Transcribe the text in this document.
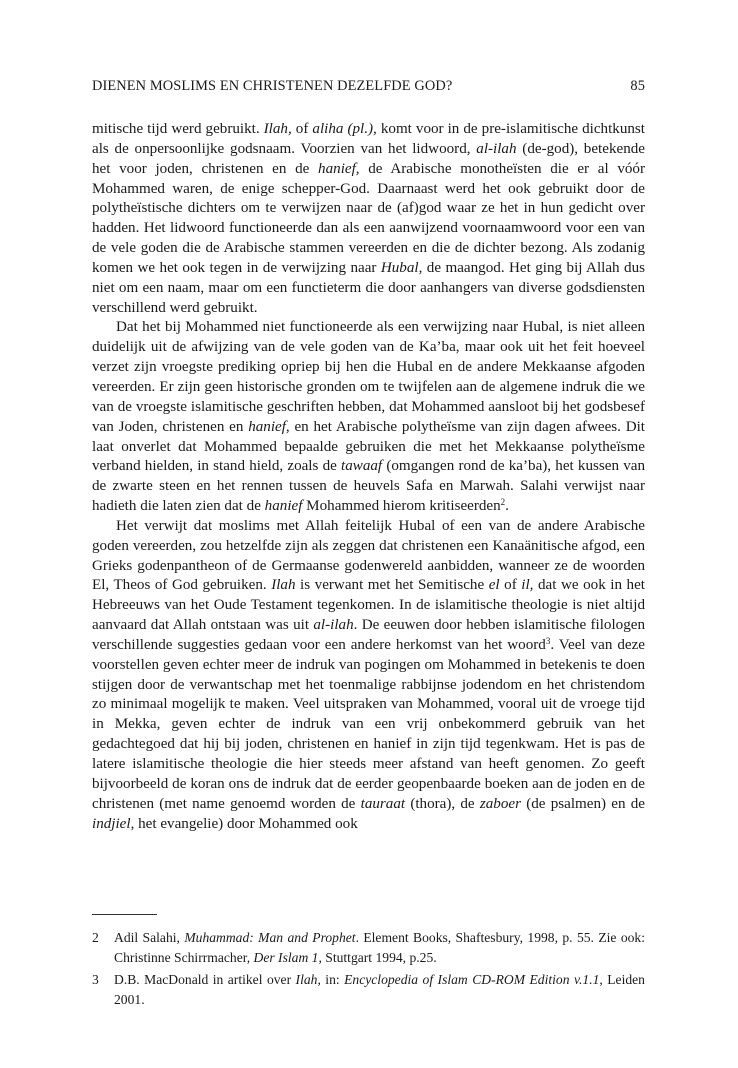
DIENEN MOSLIMS EN CHRISTENEN DEZELFDE GOD?	85

mitische tijd werd gebruikt. Ilah, of aliha (pl.), komt voor in de pre-islamitische dichtkunst als de onpersoonlijke godsnaam. Voorzien van het lidwoord, al-ilah (de-god), betekende het voor joden, christenen en de hanief, de Arabische monotheïsten die er al vóór Mohammed waren, de enige schepper-God. Daarnaast werd het ook gebruikt door de polytheïstische dichters om te verwijzen naar de (af)god waar ze het in hun gedicht over hadden. Het lidwoord functioneerde dan als een aanwijzend voornaamwoord voor een van de vele goden die de Arabische stammen vereerden en die de dichter bezong. Als zodanig komen we het ook tegen in de verwijzing naar Hubal, de maangod. Het ging bij Allah dus niet om een naam, maar om een functieterm die door aanhangers van diverse godsdiensten verschillend werd gebruikt.

Dat het bij Mohammed niet functioneerde als een verwijzing naar Hubal, is niet alleen duidelijk uit de afwijzing van de vele goden van de Ka’ba, maar ook uit het feit hoeveel verzet zijn vroegste prediking opriep bij hen die Hubal en de andere Mekkaanse afgoden vereerden. Er zijn geen historische gronden om te twijfelen aan de algemene indruk die we van de vroegste islamitische geschriften hebben, dat Mohammed aansloot bij het godsbesef van Joden, christenen en hanief, en het Arabische polytheïsme van zijn dagen afwees. Dit laat onverlet dat Mohammed bepaalde gebruiken die met het Mekkaanse polytheïsme verband hielden, in stand hield, zoals de tawaaf (omgangen rond de ka’ba), het kussen van de zwarte steen en het rennen tussen de heuvels Safa en Marwah. Salahi verwijst naar hadieth die laten zien dat de hanief Mohammed hierom kritiseerden$^2$.

Het verwijt dat moslims met Allah feitelijk Hubal of een van de andere Arabische goden vereerden, zou hetzelfde zijn als zeggen dat christenen een Kanaänitische afgod, een Grieks godenpantheon of de Germaanse godenwereld aanbidden, wanneer ze de woorden El, Theos of God gebruiken. Ilah is verwant met het Semitische el of il, dat we ook in het Hebreeuws van het Oude Testament tegenkomen. In de islamitische theologie is niet altijd aanvaard dat Allah ontstaan was uit al-ilah. De eeuwen door hebben islamitische filologen verschillende suggesties gedaan voor een andere herkomst van het woord$^3$. Veel van deze voorstellen geven echter meer de indruk van pogingen om Mohammed in betekenis te doen stijgen door de verwantschap met het toenmalige rabbijnse jodendom en het christendom zo minimaal mogelijk te maken. Veel uitspraken van Mohammed, vooral uit de vroege tijd in Mekka, geven echter de indruk van een vrij onbekommerd gebruik van het gedachtegoed dat hij bij joden, christenen en hanief in zijn tijd tegenkwam. Het is pas de latere islamitische theologie die hier steeds meer afstand van heeft genomen. Zo geeft bijvoorbeeld de koran ons de indruk dat de eerder geopenbaarde boeken aan de joden en de christenen (met name genoemd worden de tauraat (thora), de zaboer (de psalmen) en de indjiel, het evangelie) door Mohammed ook

2 Adil Salahi, Muhammad: Man and Prophet. Element Books, Shaftesbury, 1998, p. 55. Zie ook: Christinne Schirrmacher, Der Islam 1, Stuttgart 1994, p.25.
3 D.B. MacDonald in artikel over Ilah, in: Encyclopedia of Islam CD-ROM Edition v.1.1, Leiden 2001.
